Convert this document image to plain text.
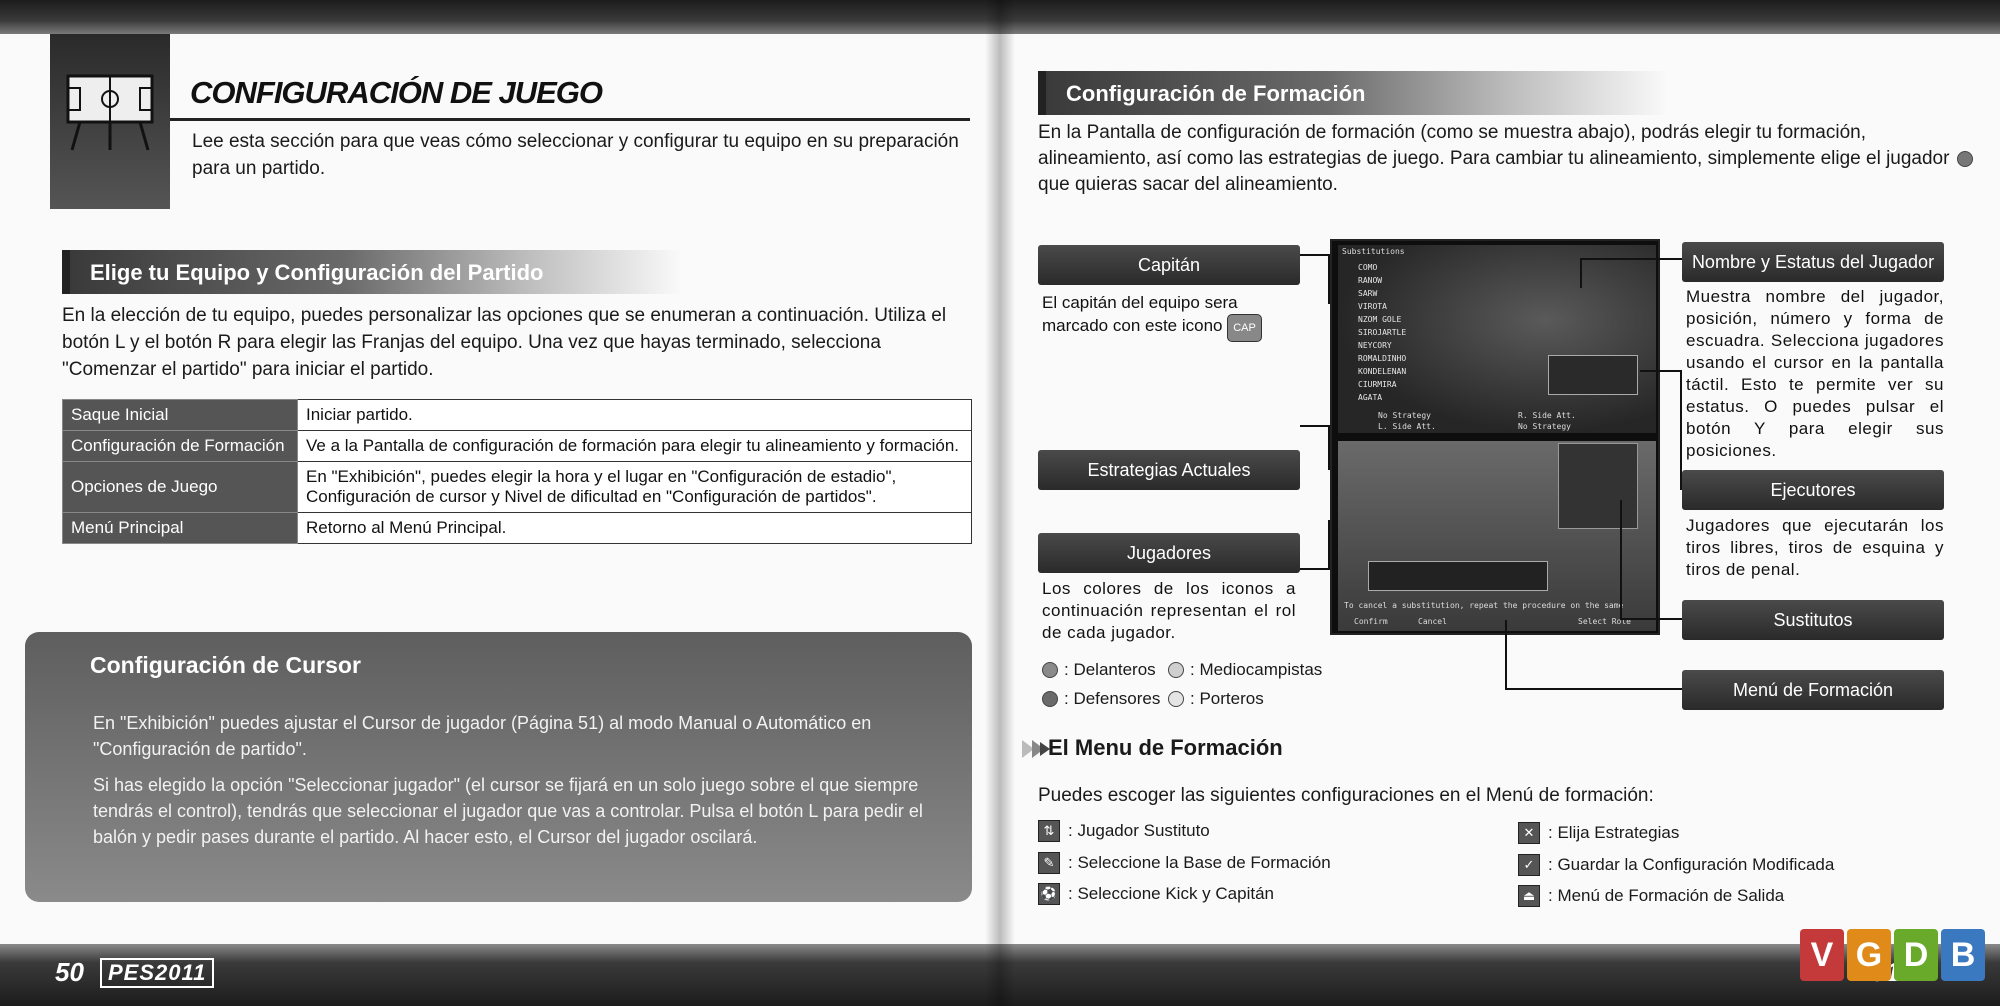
CONFIGURACIÓN DE JUEGO
Lee esta sección para que veas cómo seleccionar y configurar tu equipo en su preparación para un partido.
Elige tu Equipo y Configuración del Partido
En la elección de tu equipo, puedes personalizar las opciones que se enumeran a continuación. Utiliza el botón L y el botón R para elegir las Franjas del equipo. Una vez que hayas terminado, selecciona "Comenzar el partido" para iniciar el partido.
Saque Inicial	Iniciar partido.
Configuración de Formación	Ve a la Pantalla de configuración de formación para elegir tu alineamiento y formación.
Opciones de Juego	En "Exhibición", puedes elegir la hora y el lugar en "Configuración de estadio", Configuración de cursor y Nivel de dificultad en "Configuración de partidos".
Menú Principal	Retorno al Menú Principal.
Configuración de Cursor
En "Exhibición" puedes ajustar el Cursor de jugador (Página 51) al modo Manual o Automático en "Configuración de partido".
Si has elegido la opción "Seleccionar jugador" (el cursor se fijará en un solo juego sobre el que siempre tendrás el control), tendrás que seleccionar el jugador que vas a controlar. Pulsa el botón L para pedir el balón y pedir pases durante el partido. Al hacer esto, el Cursor del jugador oscilará.
50	PES2011
Configuración de Formación
En la Pantalla de configuración de formación (como se muestra abajo), podrás elegir tu formación, alineamiento, así como las estrategias de juego. Para cambiar tu alineamiento, simplemente elige el jugador  que quieras sacar del alineamiento.
Substitutions
COMO
RANOW
SARW
VIROTA
NZOM GOLE
SIROJARTLE
NEYCORY
ROMALDINHO
KONDELENAN
CIURMIRA
AGATA
No Strategy
L. Side Att.
R. Side Att.
No Strategy
To cancel a substitution, repeat the procedure on the same
Confirm	Cancel	Select Role
Capitán
El capitán del equipo sera marcado con este icono CAP
Estrategias Actuales
Jugadores
Los colores de los iconos a continuación representan el rol de cada jugador.
: Delanteros : Mediocampistas
: Defensores : Porteros
Nombre y Estatus del Jugador
Muestra nombre del jugador, posición, número y forma de escuadra. Selecciona jugadores usando el cursor en la pantalla táctil. Esto te permite ver su estatus. O puedes pulsar el botón Y para elegir sus posiciones.
Ejecutores
Jugadores que ejecutarán los tiros libres, tiros de esquina y tiros de penal.
Sustitutos
Menú de Formación
El Menu de Formación
Puedes escoger las siguientes configuraciones en el Menú de formación:
⇅ : Jugador Sustituto
✎ : Seleccione la Base de Formación
⚽ : Seleccione Kick y Capitán
✕ : Elija Estrategias
✓ : Guardar la Configuración Modificada
⏏ : Menú de Formación de Salida
V G D B
